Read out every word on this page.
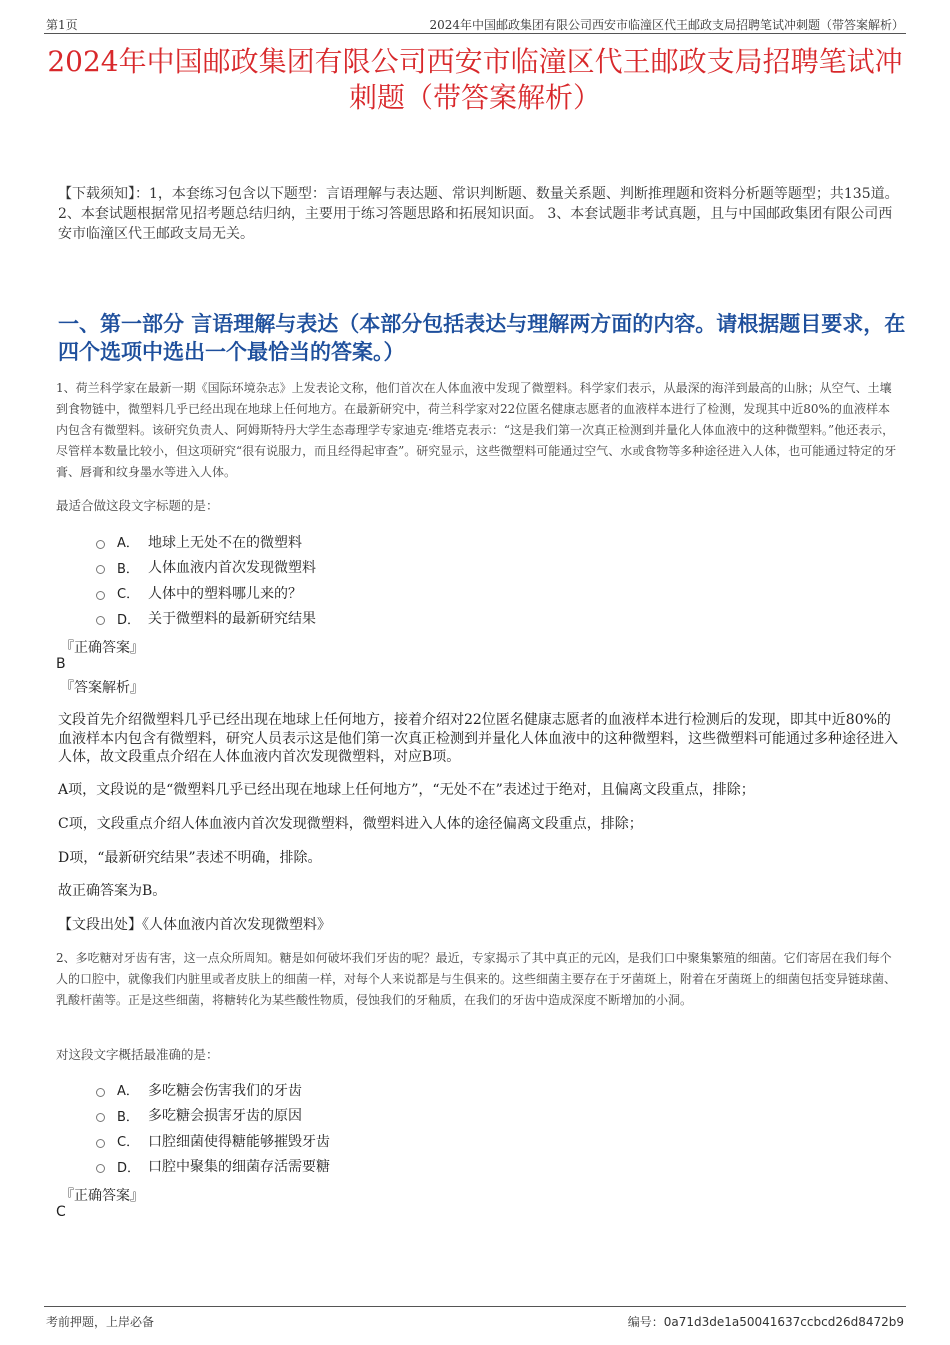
第1页	2024年中国邮政集团有限公司西安市临潼区代王邮政支局招聘笔试冲刺题（带答案解析）
2024年中国邮政集团有限公司西安市临潼区代王邮政支局招聘笔试冲刺题（带答案解析）

【下载须知】：1，本套练习包含以下题型：言语理解与表达题、常识判断题、数量关系题、判断推理题和资料分析题等题型；共135道。 2、本套试题根据常见招考题总结归纳，主要用于练习答题思路和拓展知识面。 3、本套试题非考试真题，且与中国邮政集团有限公司西安市临潼区代王邮政支局无关。

一、第一部分 言语理解与表达（本部分包括表达与理解两方面的内容。请根据题目要求，在四个选项中选出一个最恰当的答案。）

1、荷兰科学家在最新一期《国际环境杂志》上发表论文称，他们首次在人体血液中发现了微塑料。科学家们表示，从最深的海洋到最高的山脉；从空气、土壤到食物链中，微塑料几乎已经出现在地球上任何地方。在最新研究中，荷兰科学家对22位匿名健康志愿者的血液样本进行了检测，发现其中近80%的血液样本内包含有微塑料。该研究负责人、阿姆斯特丹大学生态毒理学专家迪克·维塔克表示：“这是我们第一次真正检测到并量化人体血液中的这种微塑料。”他还表示，尽管样本数量比较小，但这项研究“很有说服力，而且经得起审查”。研究显示，这些微塑料可能通过空气、水或食物等多种途径进入人体，也可能通过特定的牙膏、唇膏和纹身墨水等进入人体。

最适合做这段文字标题的是：
A． 地球上无处不在的微塑料
B． 人体血液内首次发现微塑料
C． 人体中的塑料哪儿来的？
D． 关于微塑料的最新研究结果
『正确答案』
B
『答案解析』

文段首先介绍微塑料几乎已经出现在地球上任何地方，接着介绍对22位匿名健康志愿者的血液样本进行检测后的发现，即其中近80%的血液样本内包含有微塑料，研究人员表示这是他们第一次真正检测到并量化人体血液中的这种微塑料，这些微塑料可能通过多种途径进入人体，故文段重点介绍在人体血液内首次发现微塑料，对应B项。

A项，文段说的是“微塑料几乎已经出现在地球上任何地方”，“无处不在”表述过于绝对，且偏离文段重点，排除；

C项，文段重点介绍人体血液内首次发现微塑料，微塑料进入人体的途径偏离文段重点，排除；

D项，“最新研究结果”表述不明确，排除。

故正确答案为B。

【文段出处】《人体血液内首次发现微塑料》

2、多吃糖对牙齿有害，这一点众所周知。糖是如何破坏我们牙齿的呢？最近，专家揭示了其中真正的元凶，是我们口中聚集繁殖的细菌。它们寄居在我们每个人的口腔中，就像我们内脏里或者皮肤上的细菌一样，对每个人来说都是与生俱来的。这些细菌主要存在于牙菌斑上，附着在牙菌斑上的细菌包括变异链球菌、乳酸杆菌等。正是这些细菌，将糖转化为某些酸性物质，侵蚀我们的牙釉质，在我们的牙齿中造成深度不断增加的小洞。

对这段文字概括最准确的是：
A． 多吃糖会伤害我们的牙齿
B． 多吃糖会损害牙齿的原因
C． 口腔细菌使得糖能够摧毁牙齿
D． 口腔中聚集的细菌存活需要糖
『正确答案』
C
考前押题，上岸必备	编号：0a71d3de1a50041637ccbcd26d8472b9
